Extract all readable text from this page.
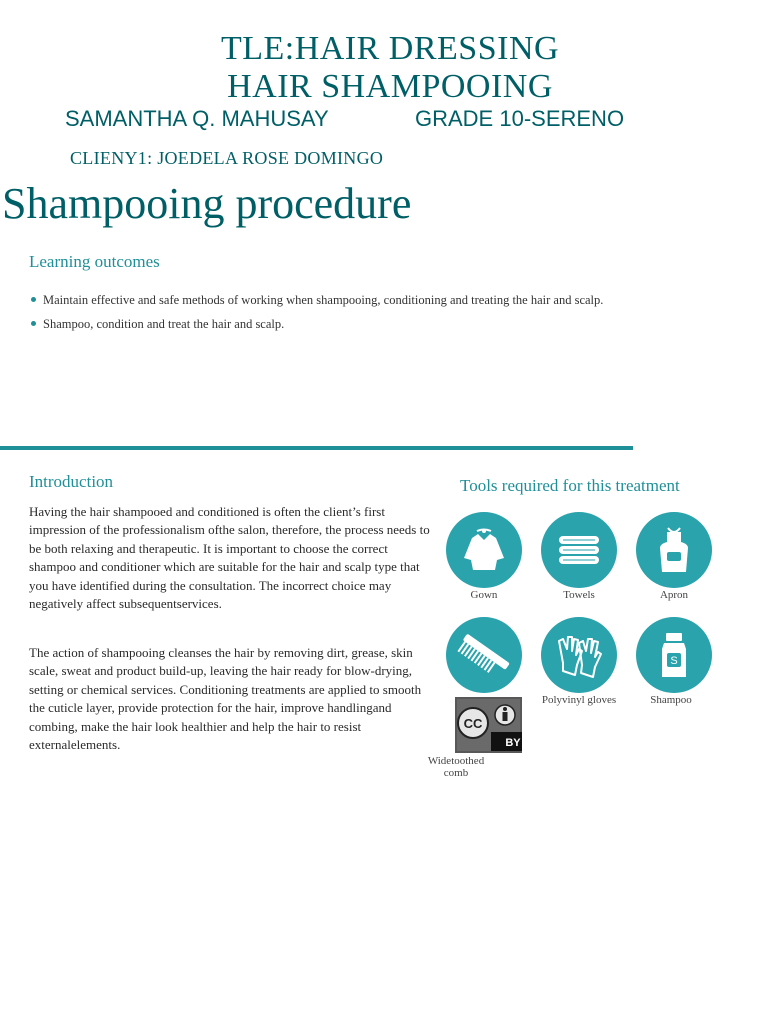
TLE:HAIR DRESSING
HAIR SHAMPOOING
SAMANTHA Q. MAHUSAY	GRADE 10-SERENO
CLIENY1: JOEDELA ROSE DOMINGO
Shampooing procedure
Learning outcomes
Maintain effective and safe methods of working when shampooing, conditioning and treating the hair and scalp.
Shampoo, condition and treat the hair and scalp.
Introduction

Having the hair shampooed and conditioned is often the client’s first impression of the professionalism ofthe salon, therefore, the process needs to be both relaxing and therapeutic. It is important to choose the correct shampoo and conditioner which are suitable for the hair and scalp type that you have identified during the consultation. The incorrect choice may negatively affect subsequentservices.

The action of shampooing cleanses the hair by removing dirt, grease, skin scale, sweat and product build-up, leaving the hair ready for blow-drying, setting or chemical services. Conditioning treatments are applied to smooth the cuticle layer, provide protection for the hair, improve handlingand combing, make the hair look healthier and help the hair to resist externalelements.

Tools required for this treatment
Gown	Towels	Apron
Widetoothed comb
Polyvinyl gloves
S
Shampoo
CC
BY
